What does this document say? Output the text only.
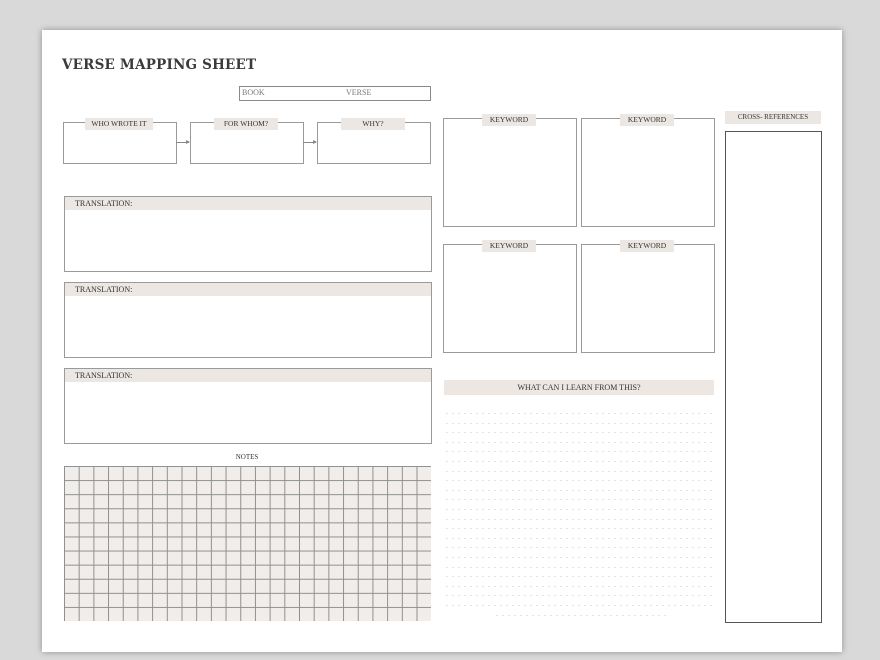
VERSE MAPPING SHEET
BOOK	VERSE
WHO WROTE IT	FOR WHOM?	WHY?
TRANSLATION:
TRANSLATION:
TRANSLATION:
NOTES
KEYWORD	KEYWORD
KEYWORD	KEYWORD
WHAT CAN I LEARN FROM THIS?
CROSS- REFERENCES
